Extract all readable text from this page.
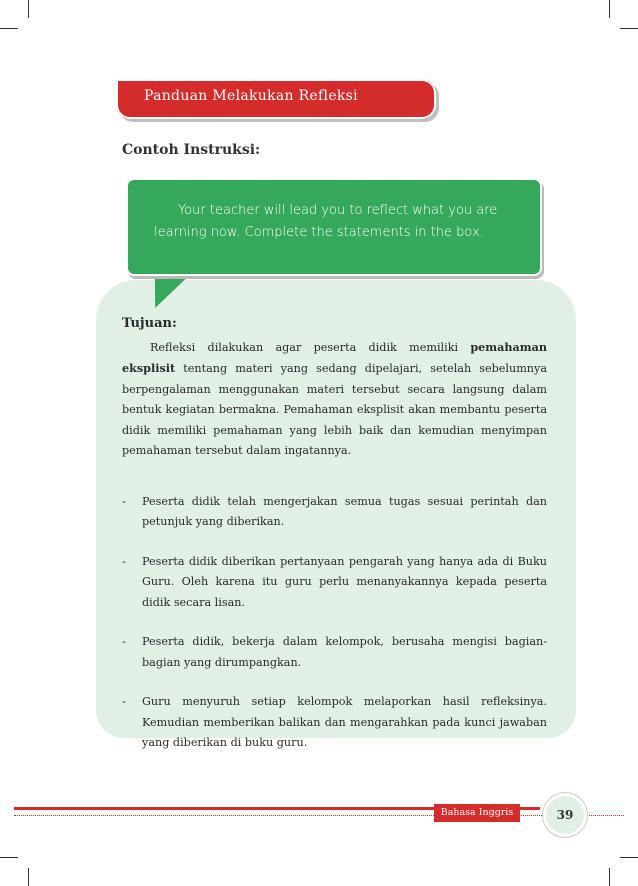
Panduan Melakukan Refleksi
Contoh Instruksi:
Your teacher will lead you to reflect what you are learning now. Complete the statements in the box.
Tujuan:

Refleksi dilakukan agar peserta didik memiliki pemahaman eksplisit tentang materi yang sedang dipelajari, setelah sebelumnya berpengalaman menggunakan materi tersebut secara langsung dalam bentuk kegiatan bermakna. Pemahaman eksplisit akan membantu peserta didik memiliki pemahaman yang lebih baik dan kemudian menyimpan pemahaman tersebut dalam ingatannya.

- Peserta didik telah mengerjakan semua tugas sesuai perintah dan petunjuk yang diberikan.
- Peserta didik diberikan pertanyaan pengarah yang hanya ada di Buku Guru. Oleh karena itu guru perlu menanyakannya kepada peserta didik secara lisan.
- Peserta didik, bekerja dalam kelompok, berusaha mengisi bagian-bagian yang dirumpangkan.
- Guru menyuruh setiap kelompok melaporkan hasil refleksinya. Kemudian memberikan balikan dan mengarahkan pada kunci jawaban yang diberikan di buku guru.
Bahasa Inggris	39
